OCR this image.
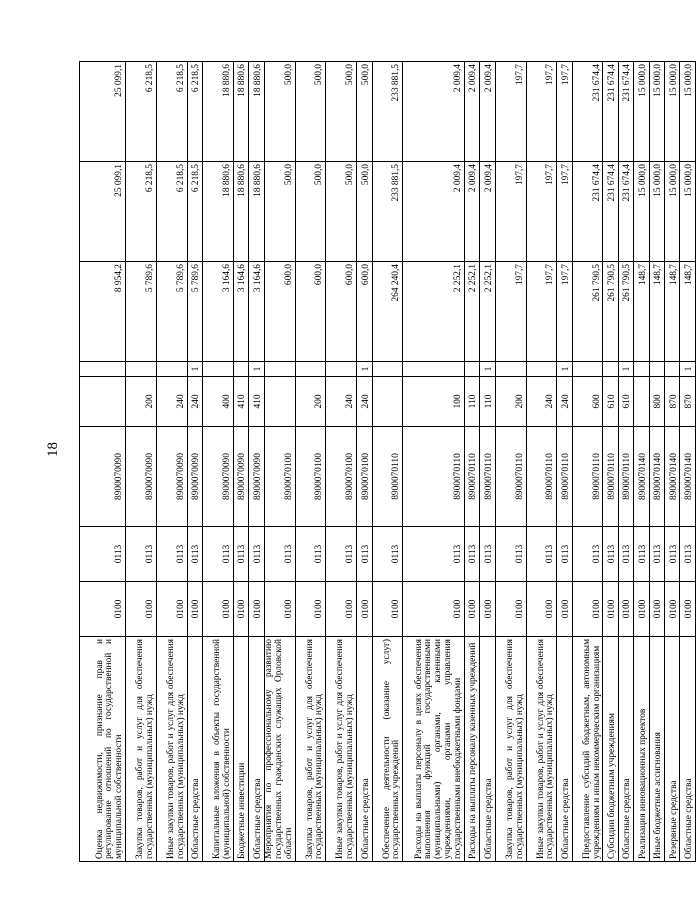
18
Оценка недвижимости, признание прав и регулирование отношений по государственной и муниципальной собственности	0100	0113	8900070090			8 954,2	25 099,1	25 099,1
Закупка товаров, работ и услуг для обеспечения государственных (муниципальных) нужд	0100	0113	8900070090	200		5 789,6	6 218,5	6 218,5
Иные закупки товаров, работ и услуг для обеспечения государственных (муниципальных) нужд	0100	0113	8900070090	240		5 789,6	6 218,5	6 218,5
Областные средства	0100	0113	8900070090	240	1	5 789,6	6 218,5	6 218,5
Капитальные вложения в объекты государственной (муниципальной) собственности	0100	0113	8900070090	400		3 164,6	18 880,6	18 880,6
Бюджетные инвестиции	0100	0113	8900070090	410		3 164,6	18 880,6	18 880,6
Областные средства	0100	0113	8900070090	410	1	3 164,6	18 880,6	18 880,6
Мероприятия по профессиональному развитию государственных гражданских служащих Орловской области	0100	0113	8900070100			600,0	500,0	500,0
Закупка товаров, работ и услуг для обеспечения государственных (муниципальных) нужд	0100	0113	8900070100	200		600,0	500,0	500,0
Иные закупки товаров, работ и услуг для обеспечения государственных (муниципальных) нужд	0100	0113	8900070100	240		600,0	500,0	500,0
Областные средства	0100	0113	8900070100	240	1	600,0	500,0	500,0
Обеспечение деятельности (оказание услуг) государственных учреждений	0100	0113	8900070110			264 240,4	233 881,5	233 881,5
Расходы на выплаты персоналу в целях обеспечения выполнения функций государственными (муниципальными) органами, казенными учреждениями, органами управления государственными внебюджетными фондами	0100	0113	8900070110	100		2 252,1	2 009,4	2 009,4
Расходы на выплаты персоналу казенных учреждений	0100	0113	8900070110	110		2 252,1	2 009,4	2 009,4
Областные средства	0100	0113	8900070110	110	1	2 252,1	2 009,4	2 009,4
Закупка товаров, работ и услуг для обеспечения государственных (муниципальных) нужд	0100	0113	8900070110	200		197,7	197,7	197,7
Иные закупки товаров, работ и услуг для обеспечения государственных (муниципальных) нужд	0100	0113	8900070110	240		197,7	197,7	197,7
Областные средства	0100	0113	8900070110	240	1	197,7	197,7	197,7
Предоставление субсидий бюджетным, автономным учреждениям и иным некоммерческим организациям	0100	0113	8900070110	600		261 790,5	231 674,4	231 674,4
Субсидии бюджетным учреждениям	0100	0113	8900070110	610		261 790,5	231 674,4	231 674,4
Областные средства	0100	0113	8900070110	610	1	261 790,5	231 674,4	231 674,4
Реализация инновационных проектов	0100	0113	8900070140			148,7	15 000,0	15 000,0
Иные бюджетные ассигнования	0100	0113	8900070140	800		148,7	15 000,0	15 000,0
Резервные средства	0100	0113	8900070140	870		148,7	15 000,0	15 000,0
Областные средства	0100	0113	8900070140	870	1	148,7	15 000,0	15 000,0
